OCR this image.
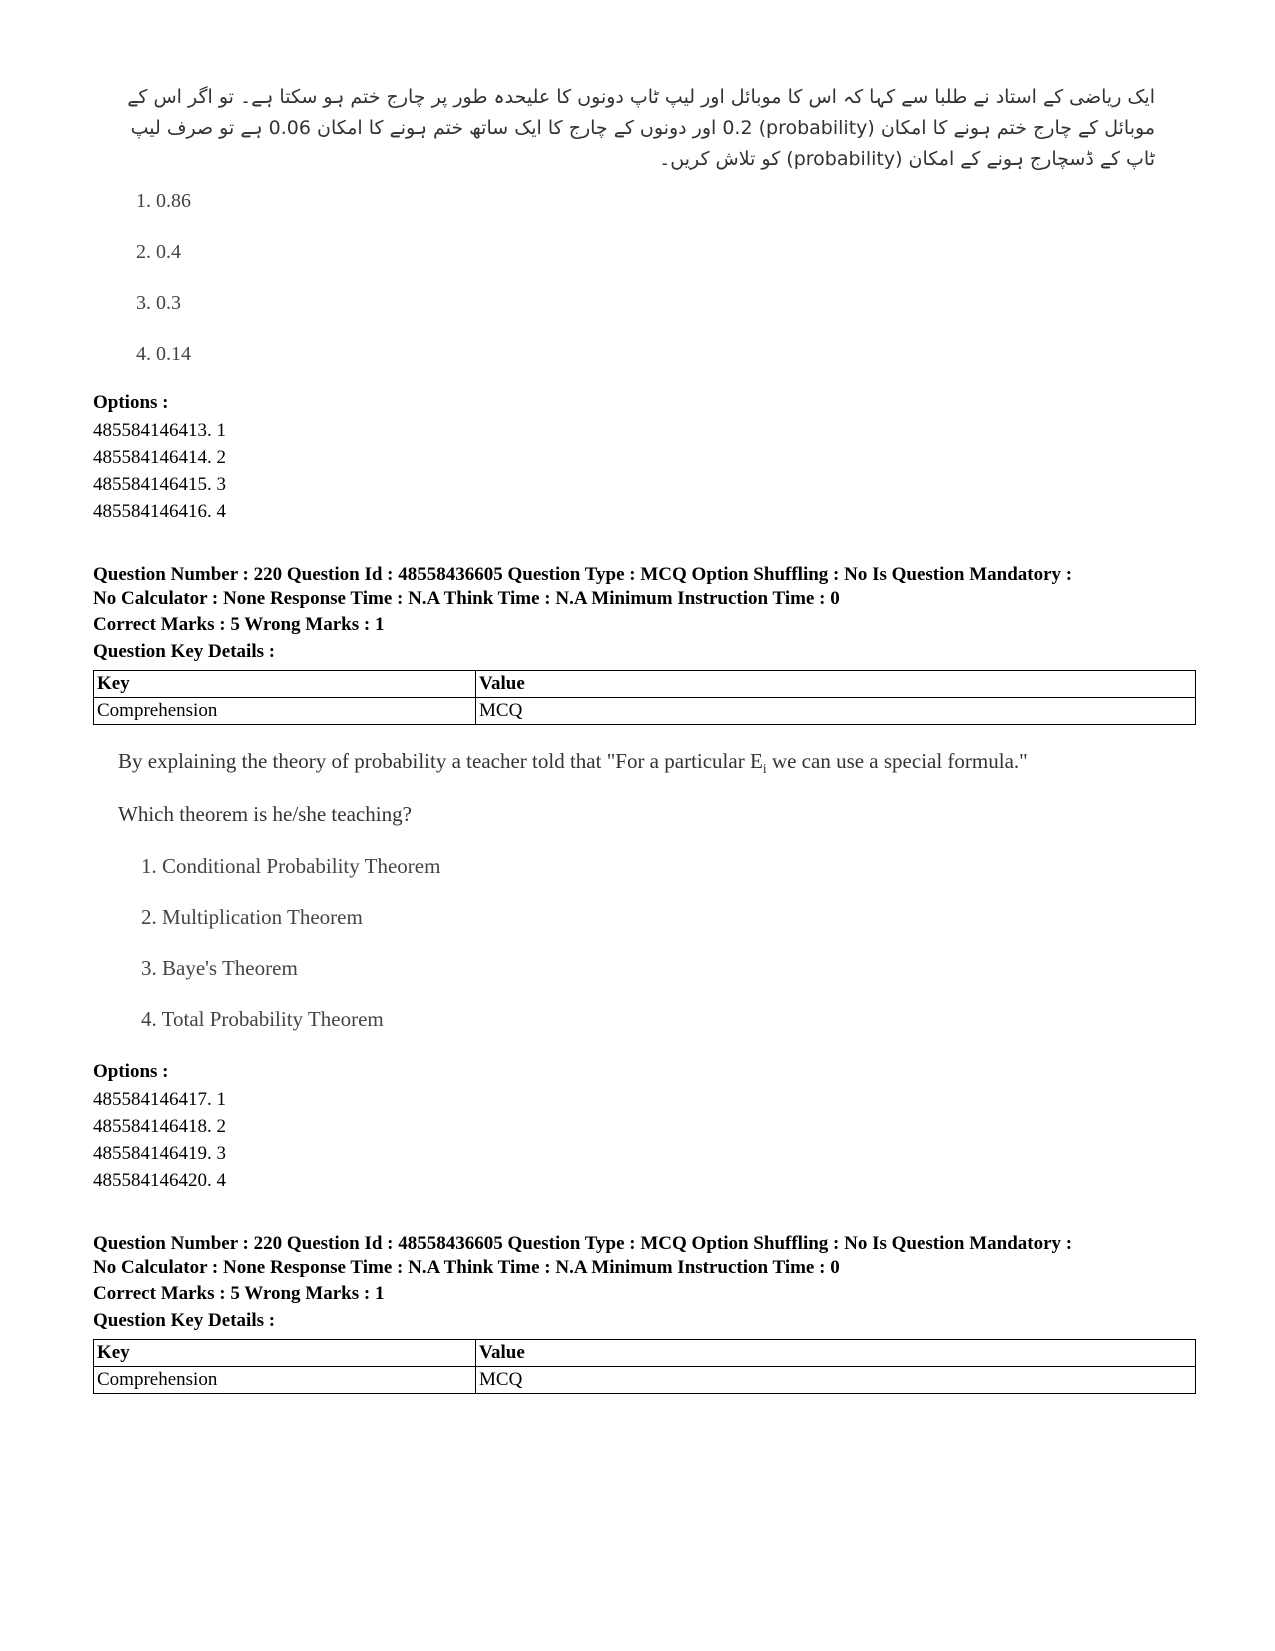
ایک ریاضی کے استاد نے طلبا سے کہا کہ اس کا موبائل اور لیپ ٹاپ دونوں کا علیحدہ طور پر چارج ختم ہو سکتا ہے۔ تو اگر اس کے
موبائل کے چارج ختم ہونے کا امکان (probability) 0.2 اور دونوں کے چارج کا ایک ساتھ ختم ہونے کا امکان 0.06 ہے تو صرف لیپ
ٹاپ کے ڈسچارج ہونے کے امکان (probability) کو تلاش کریں۔
1. 0.86
2. 0.4
3. 0.3
4. 0.14
Options :
485584146413. 1
485584146414. 2
485584146415. 3
485584146416. 4
Question Number : 220 Question Id : 48558436605 Question Type : MCQ Option Shuffling : No Is Question Mandatory :
No Calculator : None Response Time : N.A Think Time : N.A Minimum Instruction Time : 0
Correct Marks : 5 Wrong Marks : 1
Question Key Details :
Key	Value
Comprehension	MCQ
By explaining the theory of probability a teacher told that "For a particular $E_i$ we can use a special formula."
Which theorem is he/she teaching?
1. Conditional Probability Theorem
2. Multiplication Theorem
3. Baye's Theorem
4. Total Probability Theorem
Options :
485584146417. 1
485584146418. 2
485584146419. 3
485584146420. 4
Question Number : 220 Question Id : 48558436605 Question Type : MCQ Option Shuffling : No Is Question Mandatory :
No Calculator : None Response Time : N.A Think Time : N.A Minimum Instruction Time : 0
Correct Marks : 5 Wrong Marks : 1
Question Key Details :
Key	Value
Comprehension	MCQ
